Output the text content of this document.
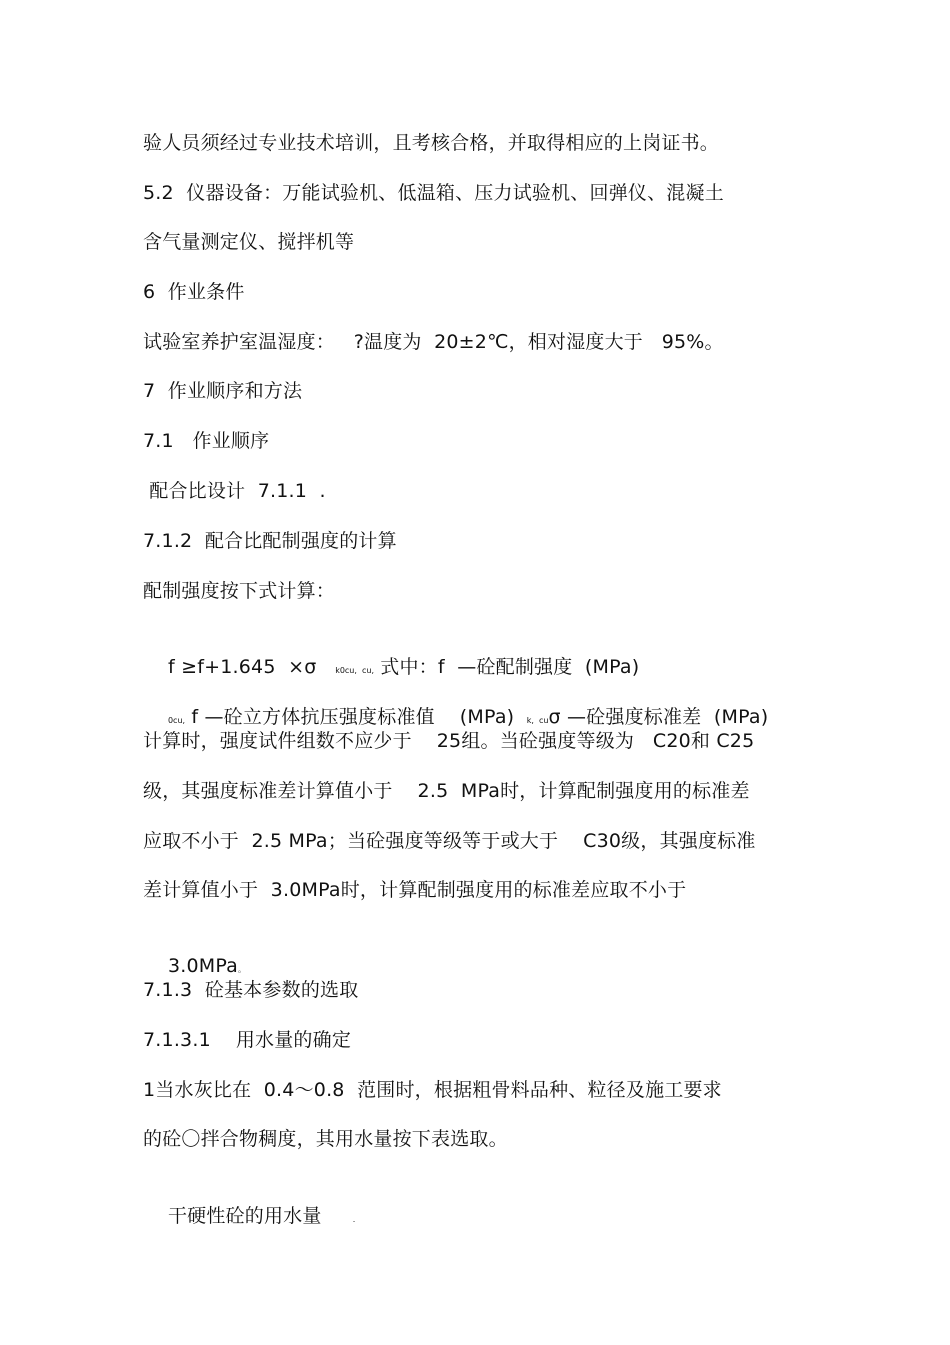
验人员须经过专业技术培训，且考核合格，并取得相应的上岗证书。
5.2  仪器设备：万能试验机、低温箱、压力试验机、回弹仪、混凝土
含气量测定仪、搅拌机等
6  作业条件
试验室养护室温湿度：   ?温度为  20±2℃，相对湿度大于   95%。
7  作业顺序和方法
7.1   作业顺序
配合比设计  7.1.1  .
7.1.2  配合比配制强度的计算
配制强度按下式计算：

f ≥f+1.645  ×σ k0cu,  cu, 式中：f  —砼配制强度  (MPa)

0cu, f —砼立方体抗压强度标准值    (MPa) k,  cuσ —砼强度标准差  (MPa)

计算时，强度试件组数不应少于    25组。当砼强度等级为   C20和 C25
级，其强度标准差计算值小于    2.5  MPa时，计算配制强度用的标准差
应取不小于  2.5 MPa；当砼强度等级等于或大于    C30级，其强度标准
差计算值小于  3.0MPa时，计算配制强度用的标准差应取不小于

3.0MPa。

7.1.3  砼基本参数的选取
7.1.3.1    用水量的确定
1当水灰比在  0.4～0.8  范围时，根据粗骨料品种、粒径及施工要求
的砼〇拌合物稠度，其用水量按下表选取。

干硬性砼的用水量	.
